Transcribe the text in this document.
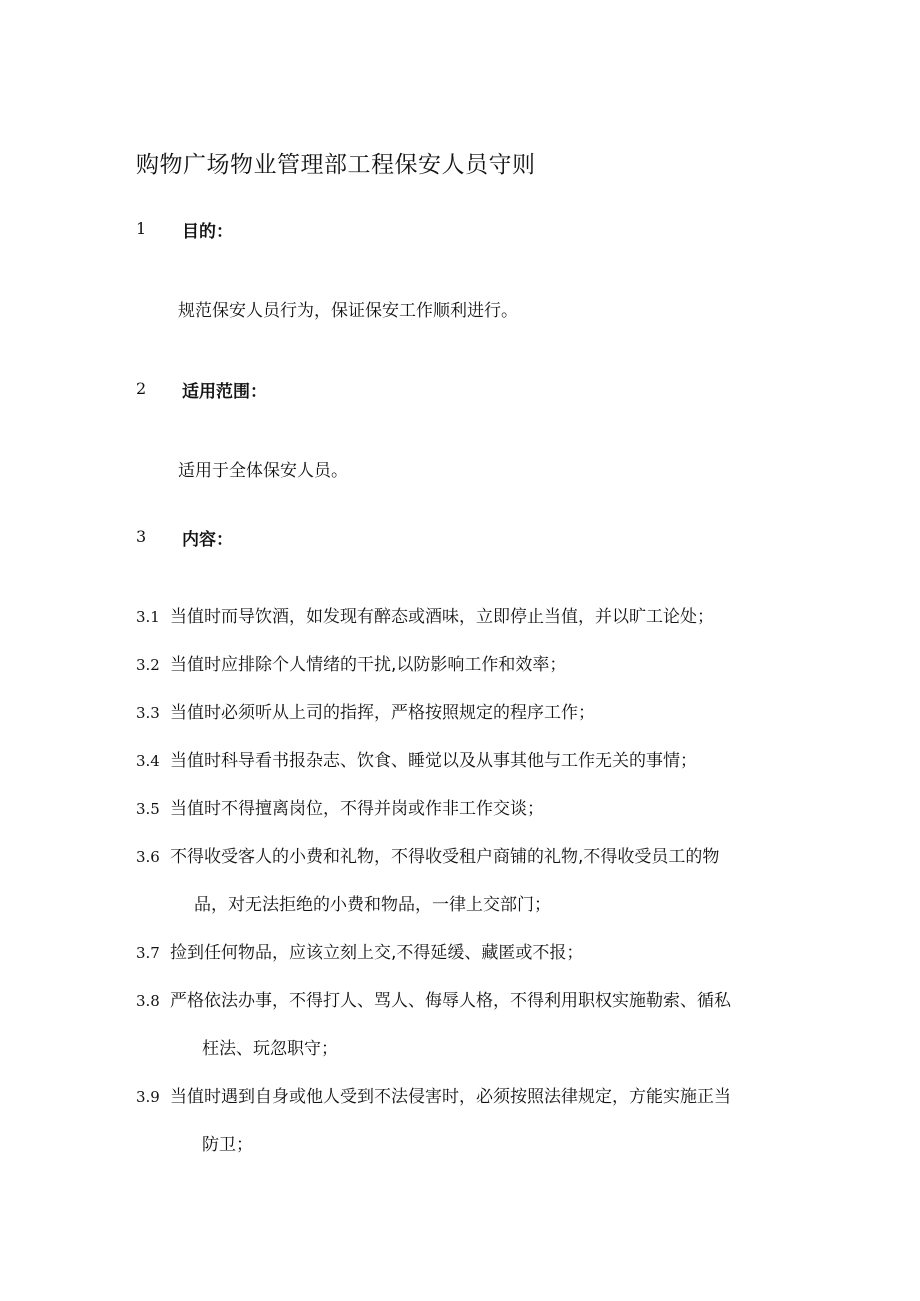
购物广场物业管理部工程保安人员守则
1 目的：
规范保安人员行为，保证保安工作顺利进行。
2 适用范围：
适用于全体保安人员。
3 内容：
3.1 当值时而导饮酒，如发现有醉态或酒味，立即停止当值，并以旷工论处；
3.2 当值时应排除个人情绪的干扰,以防影响工作和效率；
3.3 当值时必须听从上司的指挥，严格按照规定的程序工作；
3.4 当值时科导看书报杂志、饮食、睡觉以及从事其他与工作无关的事情；
3.5 当值时不得擅离岗位，不得并岗或作非工作交谈；
3.6 不得收受客人的小费和礼物，不得收受租户商铺的礼物,不得收受员工的物
品，对无法拒绝的小费和物品，一律上交部门；
3.7 捡到任何物品，应该立刻上交,不得延缓、藏匿或不报；
3.8 严格依法办事，不得打人、骂人、侮辱人格，不得利用职权实施勒索、循私
枉法、玩忽职守；
3.9 当值时遇到自身或他人受到不法侵害时，必须按照法律规定，方能实施正当
防卫；
